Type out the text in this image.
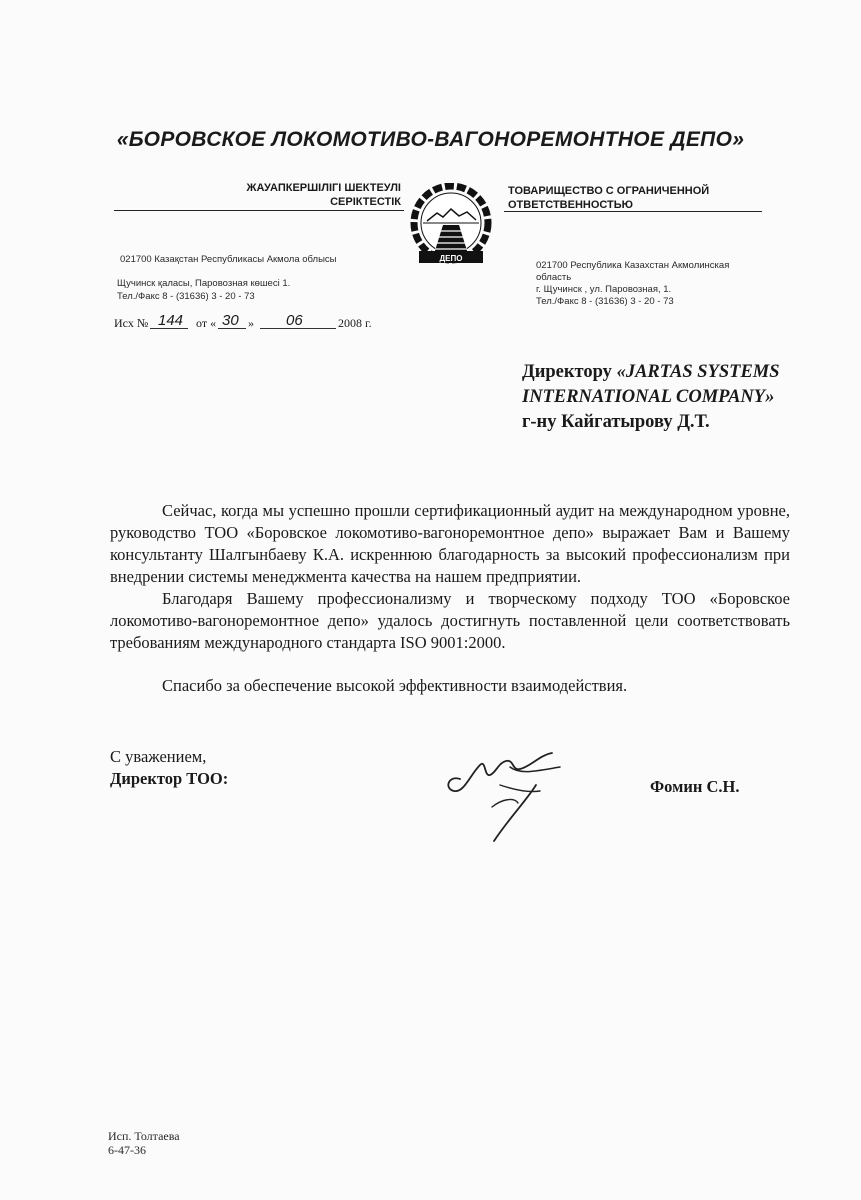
«БОРОВСКОЕ ЛОКОМОТИВО-ВАГОНОРЕМОНТНОЕ ДЕПО»
ЖАУАПКЕРШІЛІГІ ШЕКТЕУЛІ
СЕРІКТЕСТІК
ТОВАРИЩЕСТВО С ОГРАНИЧЕННОЙ
ОТВЕТСТВЕННОСТЬЮ
ДЕПО
021700 Казақстан Республикасы Акмола облысы
Щучинск қаласы, Паровозная көшесі 1.
Тел./Факс 8 - (31636) 3 - 20 - 73
021700 Республика Казахстан Акмолинская
область
г. Щучинск , ул. Паровозная, 1.
Тел./Факс 8 - (31636) 3 - 20 - 73
Исх № 144 от « 30 » 06	2008 г.
Директору «JARTAS SYSTEMS
INTERNATIONAL COMPANY»
г-ну Кайгатырову Д.Т.

Сейчас, когда мы успешно прошли сертификационный аудит на международном уровне, руководство ТОО «Боровское локомотиво-вагоноремонтное депо» выражает Вам и Вашему консультанту Шалгынбаеву К.А. искреннюю благодарность за высокий профессионализм при внедрении системы менеджмента качества на нашем предприятии.

Благодаря Вашему профессионализму и творческому подходу ТОО «Боровское локомотиво-вагоноремонтное депо» удалось достигнуть поставленной цели соответствовать требованиям международного стандарта ISO 9001:2000.

Спасибо за обеспечение высокой эффективности взаимодействия.

С уважением,
Директор ТОО:	Фомин С.Н.
Исп. Толтаева
6-47-36
